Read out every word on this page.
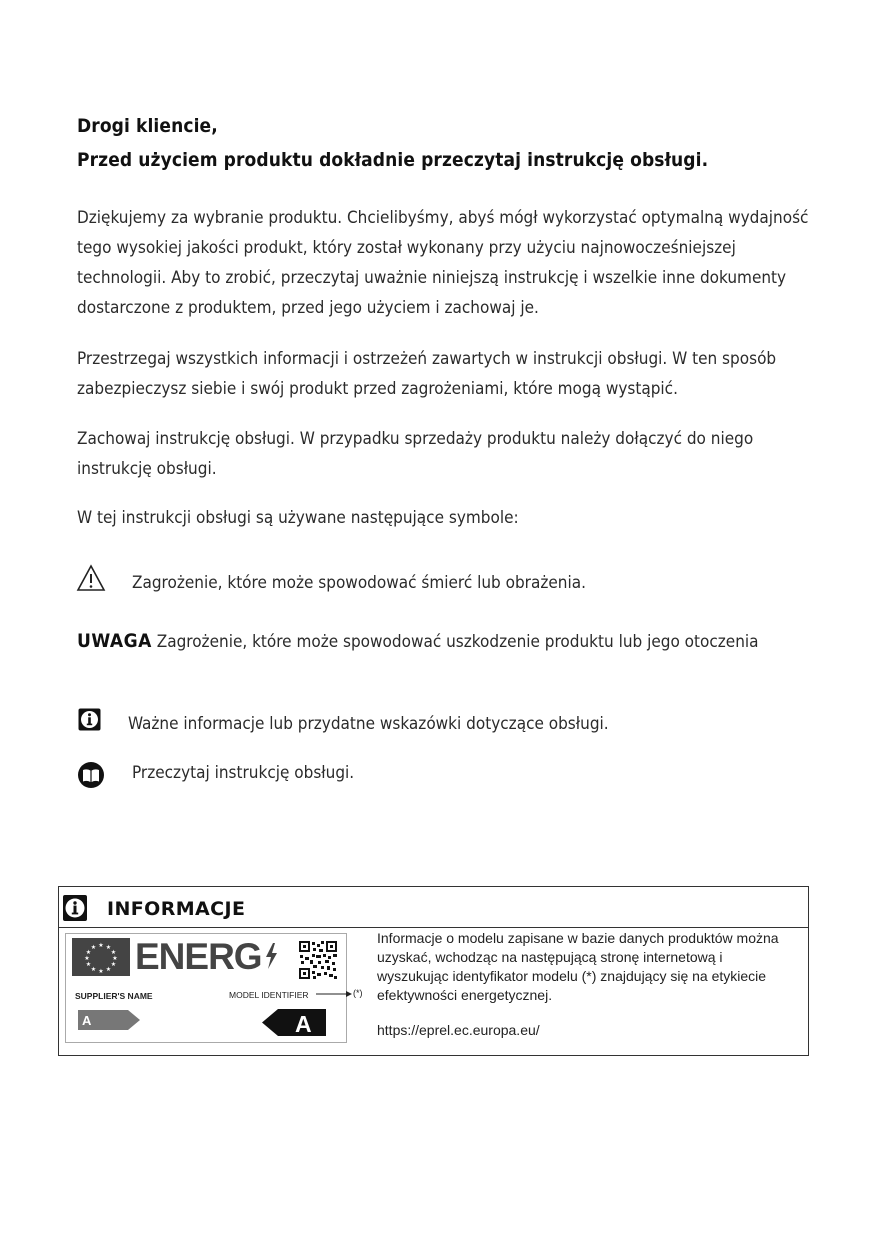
Drogi kliencie,
Przed użyciem produktu dokładnie przeczytaj instrukcję obsługi.

Dziękujemy za wybranie produktu. Chcielibyśmy, abyś mógł wykorzystać optymalną wydajność tego wysokiej jakości produkt, który został wykonany przy użyciu najnowocześniejszej technologii. Aby to zrobić, przeczytaj uważnie niniejszą instrukcję i wszelkie inne dokumenty dostarczone z produktem, przed jego użyciem i zachowaj je.

Przestrzegaj wszystkich informacji i ostrzeżeń zawartych w instrukcji obsługi. W ten sposób zabezpieczysz siebie i swój produkt przed zagrożeniami, które mogą wystąpić.

Zachowaj instrukcję obsługi. W przypadku sprzedaży produktu należy dołączyć do niego instrukcję obsługi.

W tej instrukcji obsługi są używane następujące symbole:

Zagrożenie, które może spowodować śmierć lub obrażenia.
UWAGA Zagrożenie, które może spowodować uszkodzenie produktu lub jego otoczenia
Ważne informacje lub przydatne wskazówki dotyczące obsługi.
Przeczytaj instrukcję obsługi.
INFORMACJE
★ ★
★
★
★
★
★
★
★
★
★
★ ENERG
SUPPLIER'S NAME	MODEL IDENTIFIER
A	A
(*)

Informacje o modelu zapisane w bazie danych produktów można uzyskać, wchodząc na następującą stronę internetową i wyszukując identyfikator modelu (*) znajdujący się na etykiecie efektywności energetycznej.

https://eprel.ec.europa.eu/
